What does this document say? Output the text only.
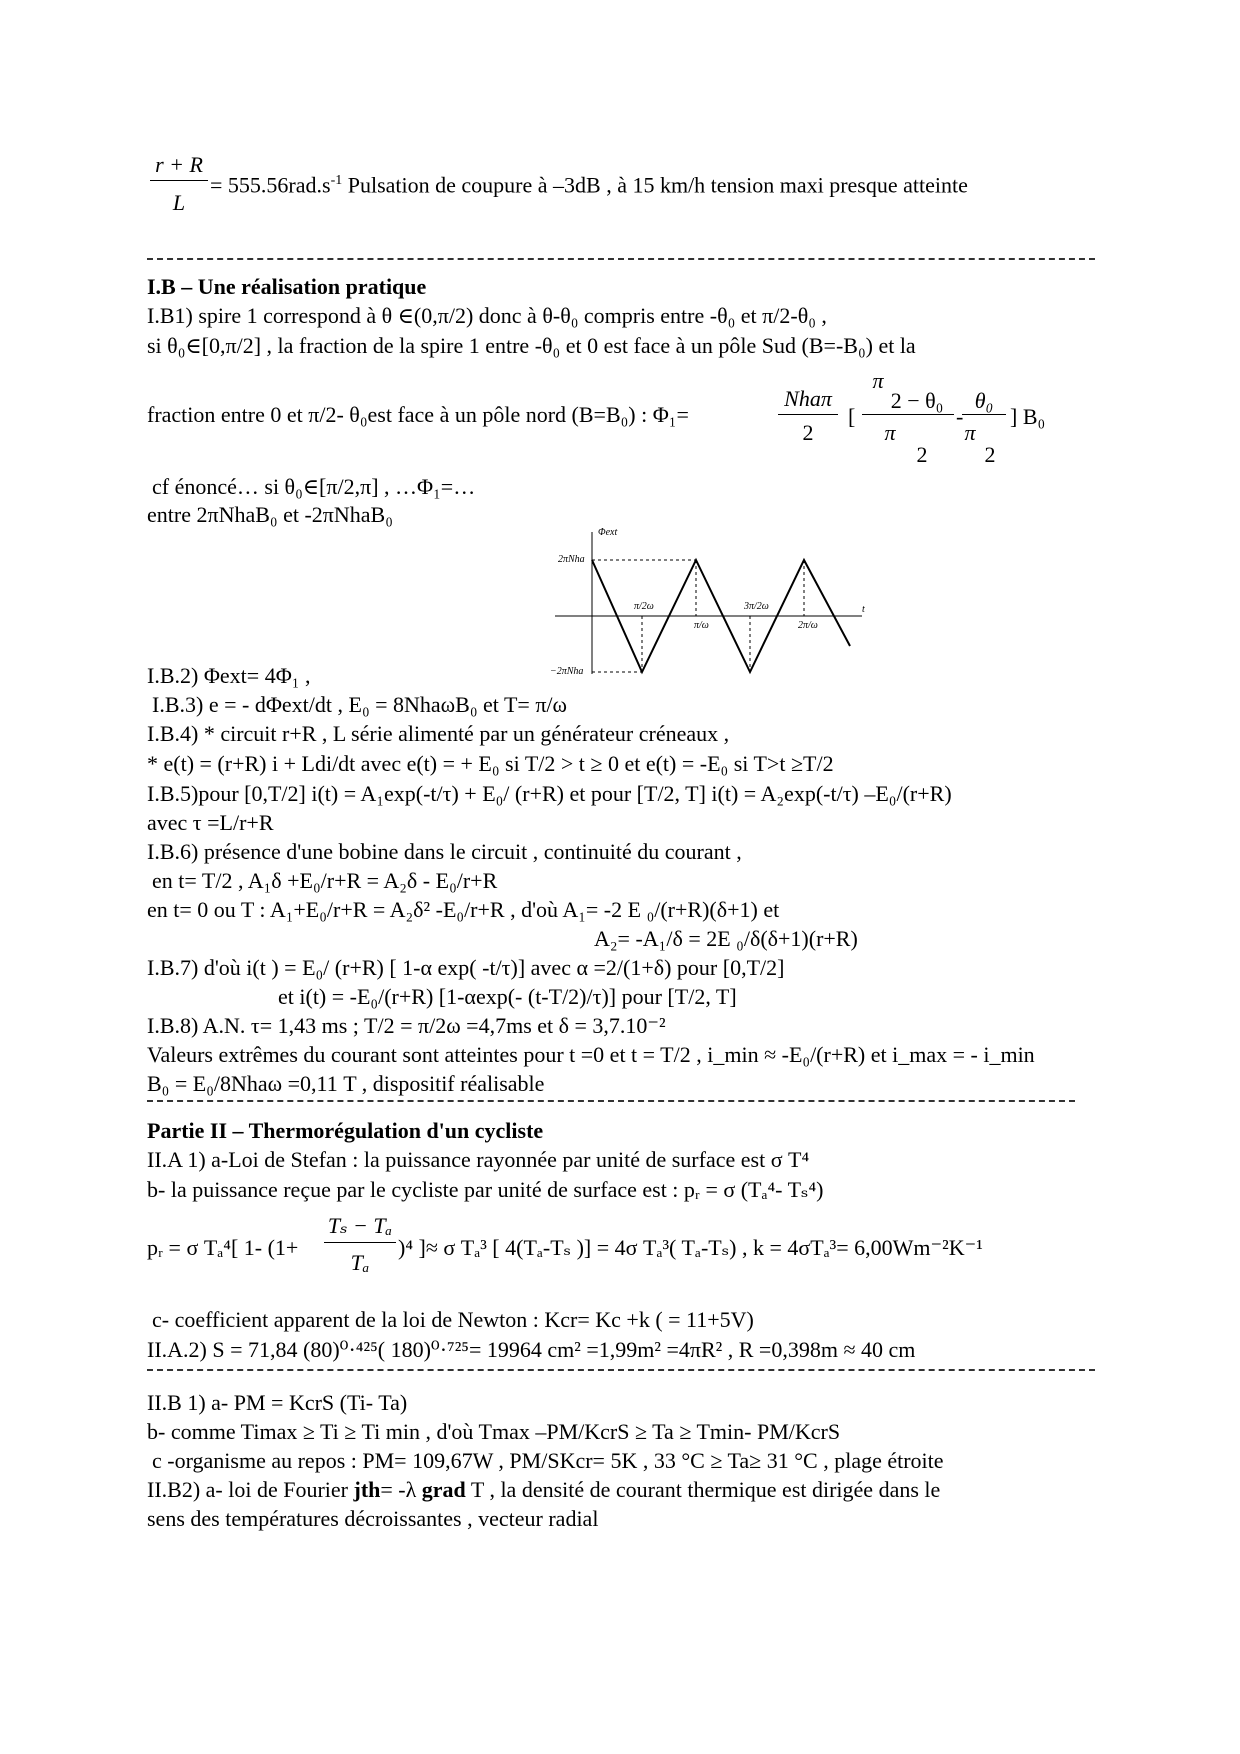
r + R
L
= $555.56rad.s^{-1}$ Pulsation de coupure à –3dB , à 15 km/h tension maxi presque atteinte
I.B – Une réalisation pratique
I.B1) spire 1 correspond à θ ∈(0,π/2) donc à θ-θ₀ compris entre -θ₀ et π/2-θ₀ ,
si θ₀∈[0,π/2] , la fraction de la spire 1 entre -θ₀ et 0 est face à un pôle Sud (B=-B₀) et la
fraction entre 0 et π/2- θ₀est face à un pôle nord (B=B₀) : Φ₁=
Nhaπ
2
[
π
2 − θ₀
π
2
-
θ₀
π
2
] B₀
cf énoncé… si θ₀∈[π/2,π] , …Φ₁=…
entre 2πNhaB₀ et -2πNhaB₀
Φext
2πNha
−2πNha
t
π/2ω
π/ω
3π/2ω
2π/ω
I.B.2) Φext= 4Φ₁ ,
I.B.3) e = - dΦext/dt , E₀ = 8NhaωB₀ et T= π/ω
I.B.4) * circuit r+R , L série alimenté par un générateur créneaux ,
* e(t) = (r+R) i + Ldi/dt avec e(t) = + E₀ si T/2 > t ≥ 0 et e(t) = -E₀ si T>t ≥T/2
I.B.5)pour [0,T/2] i(t) = A₁exp(-t/τ) + E₀/ (r+R) et pour [T/2, T] i(t) = A₂exp(-t/τ) –E₀/(r+R)
avec τ =L/r+R
I.B.6) présence d'une bobine dans le circuit , continuité du courant ,
en t= T/2 , A₁δ +E₀/r+R = A₂δ - E₀/r+R
en t= 0 ou T : A₁+E₀/r+R = A₂δ² -E₀/r+R , d'où A₁= -2 E ₀/(r+R)(δ+1) et
A₂= -A₁/δ = 2E ₀/δ(δ+1)(r+R)
I.B.7) d'où i(t ) = E₀/ (r+R) [ 1-α exp( -t/τ)] avec α =2/(1+δ) pour [0,T/2]
et i(t) = -E₀/(r+R) [1-αexp(- (t-T/2)/τ)] pour [T/2, T]
I.B.8) A.N. τ= 1,43 ms ; T/2 = π/2ω =4,7ms et δ = 3,7.10⁻²
Valeurs extrêmes du courant sont atteintes pour t =0 et t = T/2 , i_min ≈ -E₀/(r+R) et i_max = - i_min
B₀ = E₀/8Nhaω =0,11 T , dispositif réalisable
Partie II – Thermorégulation d'un cycliste
II.A 1) a-Loi de Stefan : la puissance rayonnée par unité de surface est σ T⁴
b- la puissance reçue par le cycliste par unité de surface est : pᵣ = σ (Tₐ⁴- Tₛ⁴)
pᵣ = σ Tₐ⁴[ 1- (1+
Tₛ − Tₐ
Tₐ
)⁴ ]≈ σ Tₐ³ [ 4(Tₐ-Tₛ )] = 4σ Tₐ³( Tₐ-Tₛ) , k = 4σTₐ³= 6,00Wm⁻²K⁻¹
c- coefficient apparent de la loi de Newton : Kcr= Kc +k ( = 11+5V)
II.A.2) S = 71,84 (80)⁰·⁴²⁵( 180)⁰·⁷²⁵= 19964 cm² =1,99m² =4πR² , R =0,398m ≈ 40 cm
II.B 1) a- PM = KcrS (Ti- Ta)
b- comme Timax ≥ Ti ≥ Ti min , d'où Tmax –PM/KcrS ≥ Ta ≥ Tmin- PM/KcrS
c -organisme au repos : PM= 109,67W , PM/SKcr= 5K , 33 °C ≥ Ta≥ 31 °C , plage étroite
II.B2) a- loi de Fourier jth= -λ grad T , la densité de courant thermique est dirigée dans le
sens des températures décroissantes , vecteur radial
